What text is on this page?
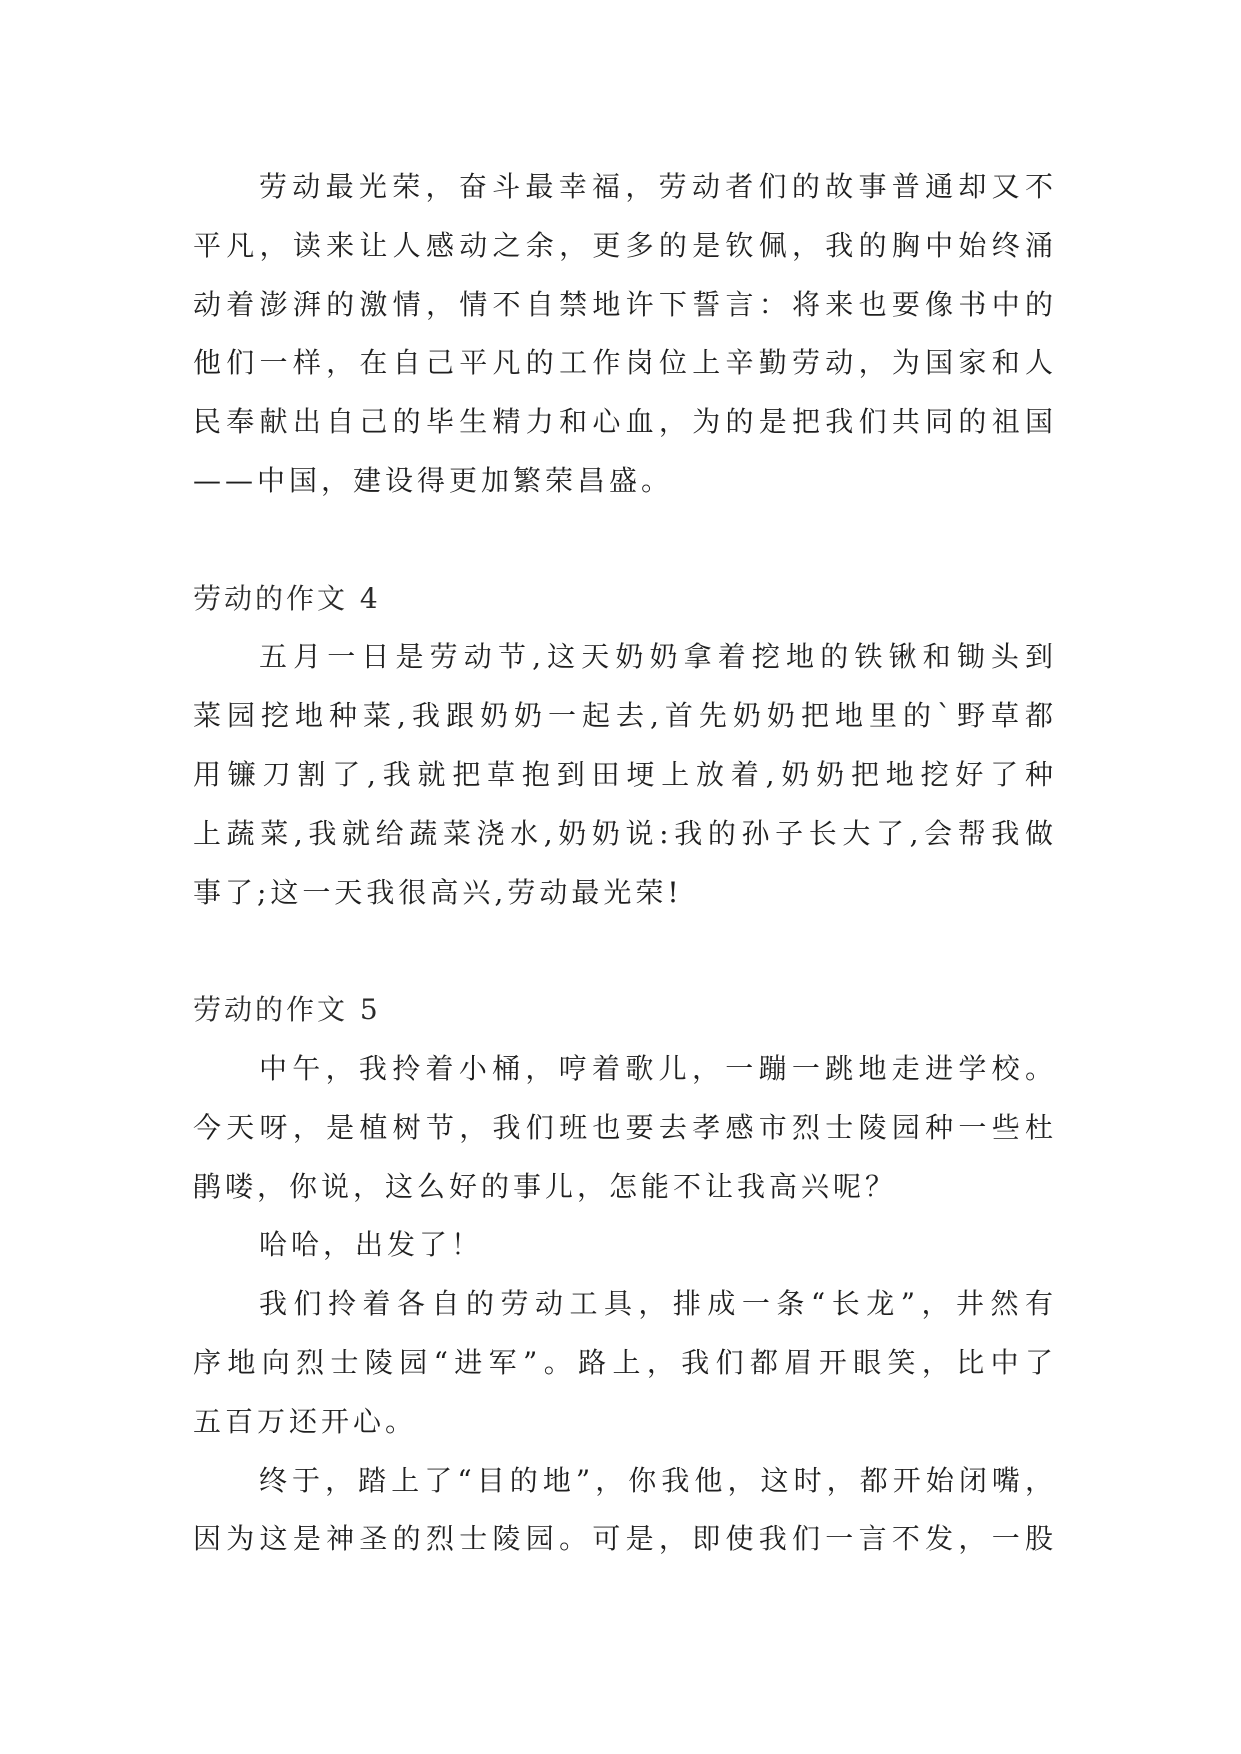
劳动最光荣，奋斗最幸福，劳动者们的故事普通却又不
平凡，读来让人感动之余，更多的是钦佩，我的胸中始终涌
动着澎湃的激情，情不自禁地许下誓言：将来也要像书中的
他们一样，在自己平凡的工作岗位上辛勤劳动，为国家和人
民奉献出自己的毕生精力和心血，为的是把我们共同的祖国
——中国，建设得更加繁荣昌盛。
劳动的作文 4
五月一日是劳动节,这天奶奶拿着挖地的铁锹和锄头到
菜园挖地种菜,我跟奶奶一起去,首先奶奶把地里的`野草都
用镰刀割了,我就把草抱到田埂上放着,奶奶把地挖好了种
上蔬菜,我就给蔬菜浇水,奶奶说:我的孙子长大了,会帮我做
事了;这一天我很高兴,劳动最光荣!
劳动的作文 5
中午，我拎着小桶，哼着歌儿，一蹦一跳地走进学校。
今天呀，是植树节，我们班也要去孝感市烈士陵园种一些杜
鹃喽，你说，这么好的事儿，怎能不让我高兴呢？
哈哈，出发了！
我们拎着各自的劳动工具，排成一条“长龙”，井然有
序地向烈士陵园“进军”。路上，我们都眉开眼笑，比中了
五百万还开心。
终于，踏上了“目的地”，你我他，这时，都开始闭嘴，
因为这是神圣的烈士陵园。可是，即使我们一言不发，一股
